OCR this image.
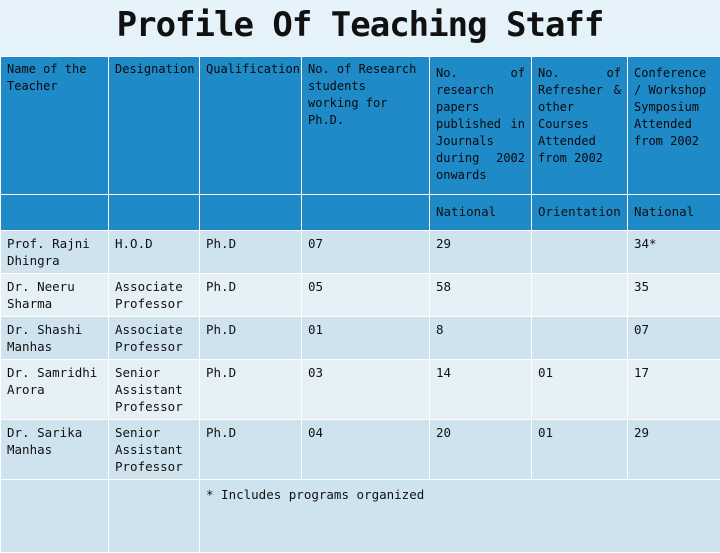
Profile Of Teaching Staff
Name of the Teacher	Designation	Qualification	No. of Research students working for Ph.D.	No. of research papers published in Journals during 2002 onwards	No. of Refresher & other Courses Attended from 2002	Conference / Workshop Symposium Attended from 2002
				National	Orientation	National
Prof. Rajni Dhingra	H.O.D	Ph.D	07	29		34*
Dr. Neeru Sharma	Associate Professor	Ph.D	05	58		35
Dr. Shashi Manhas	Associate Professor	Ph.D	01	8		07
Dr. Samridhi Arora	Senior Assistant Professor	Ph.D	03	14	01	17
Dr. Sarika Manhas	Senior Assistant Professor	Ph.D	04	20	01	29
		* Includes programs organized				
